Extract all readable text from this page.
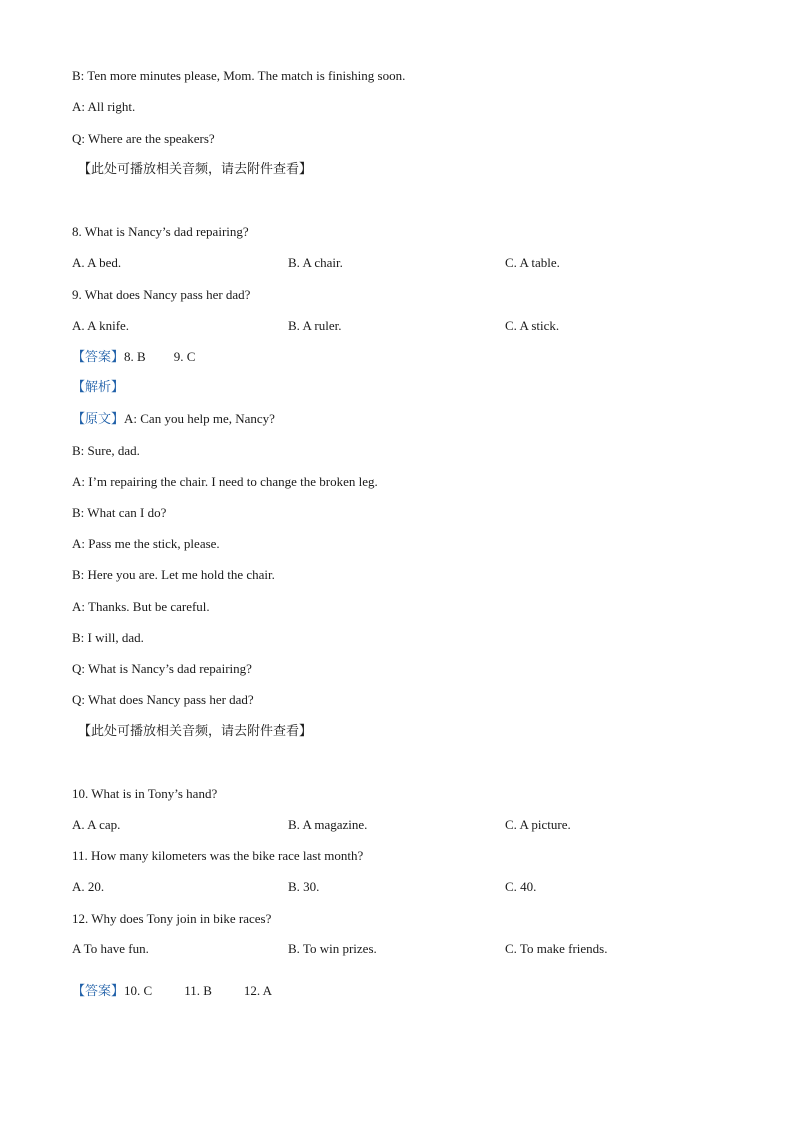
B: Ten more minutes please, Mom. The match is finishing soon.
A: All right.
Q: Where are the speakers?
【此处可播放相关音频，请去附件查看】
8. What is Nancy’s dad repairing?
A. A bed.	B. A chair.	C. A table.
9. What does Nancy pass her dad?
A. A knife.	B. A ruler.	C. A stick.
【答案】8. B 9. C
【解析】
【原文】A: Can you help me, Nancy?
B: Sure, dad.
A: I’m repairing the chair. I need to change the broken leg.
B: What can I do?
A: Pass me the stick, please.
B: Here you are. Let me hold the chair.
A: Thanks. But be careful.
B: I will, dad.
Q: What is Nancy’s dad repairing?
Q: What does Nancy pass her dad?
【此处可播放相关音频，请去附件查看】
10. What is in Tony’s hand?
A. A cap.	B. A magazine.	C. A picture.
11. How many kilometers was the bike race last month?
A. 20.	B. 30.	C. 40.
12. Why does Tony join in bike races?
A To have fun.	B. To win prizes.	C. To make friends.
【答案】10. C 11. B 12. A
